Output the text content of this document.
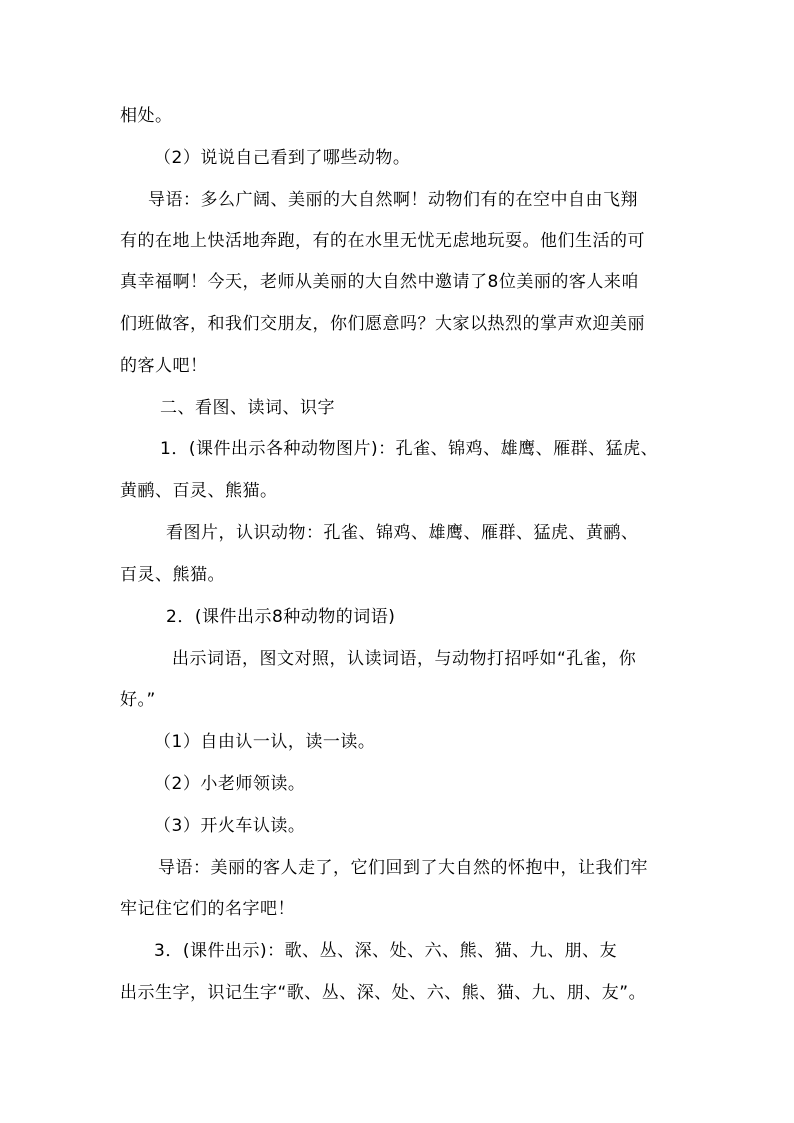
相处。
（2）说说自己看到了哪些动物。
导语：多么广阔、美丽的大自然啊！动物们有的在空中自由飞翔
有的在地上快活地奔跑，有的在水里无忧无虑地玩耍。他们生活的可
真幸福啊！今天，老师从美丽的大自然中邀请了8位美丽的客人来咱
们班做客，和我们交朋友，你们愿意吗？大家以热烈的掌声欢迎美丽
的客人吧！
二、看图、读词、识字
1．(课件出示各种动物图片)：孔雀、锦鸡、雄鹰、雁群、猛虎、
黄鹂、百灵、熊猫。
看图片，认识动物：孔雀、锦鸡、雄鹰、雁群、猛虎、黄鹂、
百灵、熊猫。
2．(课件出示8种动物的词语)
出示词语，图文对照，认读词语，与动物打招呼如“孔雀，你
好。”
（1）自由认一认，读一读。
（2）小老师领读。
（3）开火车认读。
导语：美丽的客人走了，它们回到了大自然的怀抱中，让我们牢
牢记住它们的名字吧！
3．(课件出示)：歌、丛、深、处、六、熊、猫、九、朋、友
出示生字，识记生字“歌、丛、深、处、六、熊、猫、九、朋、友”。
